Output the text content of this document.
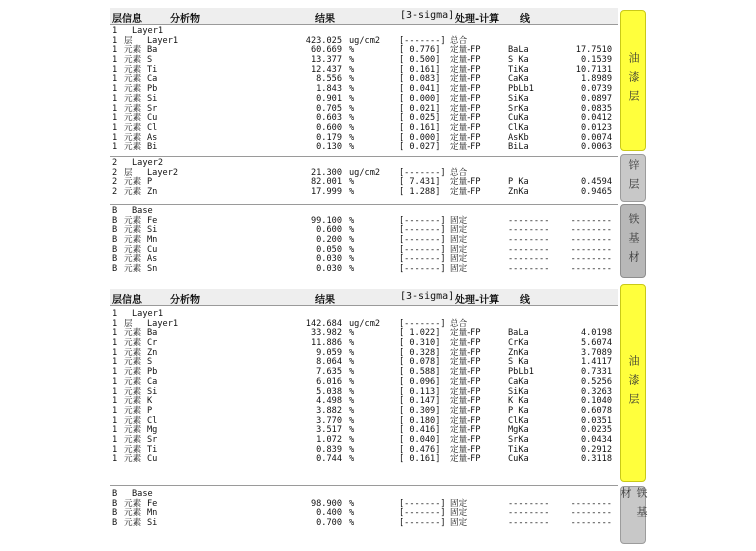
层信息	分析物	结果	[3-sigma] 处理-计算 线
1 Layer1
1 层 Layer1	423.025 ug/cm2 [-------] 总合
1 元素 Ba	60.669 %	[ 0.776] 定量-FP	BaLa	17.7510
1 元素 S	13.377 %	[ 0.500] 定量-FP	S Ka	0.1539
1 元素 Ti	12.437 %	[ 0.161] 定量-FP	TiKa	10.7131
1 元素 Ca	8.556 %	[ 0.083] 定量-FP	CaKa	1.8989
1 元素 Pb	1.843 %	[ 0.041] 定量-FP	PbLb1	0.0739
1 元素 Si	0.901 %	[ 0.000] 定量-FP	SiKa	0.0897
1 元素 Sr	0.705 %	[ 0.021] 定量-FP	SrKa	0.0835
1 元素 Cu	0.603 %	[ 0.025] 定量-FP	CuKa	0.0412
1 元素 Cl	0.600 %	[ 0.161] 定量-FP	ClKa	0.0123
1 元素 As	0.179 %	[ 0.000] 定量-FP	AsKb	0.0074
1 元素 Bi	0.130 %	[ 0.027] 定量-FP	BiLa	0.0063
2 Layer2
2 层 Layer2	21.300 ug/cm2 [-------] 总合
2 元素 P	82.001 %	[ 7.431] 定量-FP	P Ka	0.4594
2 元素 Zn	17.999 %	[ 1.288] 定量-FP	ZnKa	0.9465
B Base
B 元素 Fe	99.100 %	[-------] 固定	-------- --------
B 元素 Si	0.600 %	[-------] 固定	-------- --------
B 元素 Mn	0.200 %	[-------] 固定	-------- --------
B 元素 Cu	0.050 %	[-------] 固定	-------- --------
B 元素 As	0.030 %	[-------] 固定	-------- --------
B 元素 Sn	0.030 %	[-------] 固定	-------- --------
层信息	分析物	结果	[3-sigma] 处理-计算 线
1 Layer1
1 层 Layer1	142.684 ug/cm2 [-------] 总合
1 元素 Ba	33.982 %	[ 1.022] 定量-FP	BaLa	4.0198
1 元素 Cr	11.886 %	[ 0.310] 定量-FP	CrKa	5.6074
1 元素 Zn	9.059 %	[ 0.328] 定量-FP	ZnKa	3.7089
1 元素 S	8.064 %	[ 0.078] 定量-FP	S Ka	1.4117
1 元素 Pb	7.635 %	[ 0.588] 定量-FP	PbLb1	0.7331
1 元素 Ca	6.016 %	[ 0.096] 定量-FP	CaKa	0.5256
1 元素 Si	5.038 %	[ 0.113] 定量-FP	SiKa	0.3263
1 元素 K	4.498 %	[ 0.147] 定量-FP	K Ka	0.1040
1 元素 P	3.882 %	[ 0.309] 定量-FP	P Ka	0.6078
1 元素 Cl	3.770 %	[ 0.180] 定量-FP	ClKa	0.0351
1 元素 Mg	3.517 %	[ 0.416] 定量-FP	MgKa	0.0235
1 元素 Sr	1.072 %	[ 0.040] 定量-FP	SrKa	0.0434
1 元素 Ti	0.839 %	[ 0.476] 定量-FP	TiKa	0.2912
1 元素 Cu	0.744 %	[ 0.161] 定量-FP	CuKa	0.3118
B Base
B 元素 Fe	98.900 %	[-------] 固定	-------- --------
B 元素 Mn	0.400 %	[-------] 固定	-------- --------
B 元素 Si	0.700 %	[-------] 固定	-------- --------
油漆层
锌层
铁基材
油漆层
铁基材
